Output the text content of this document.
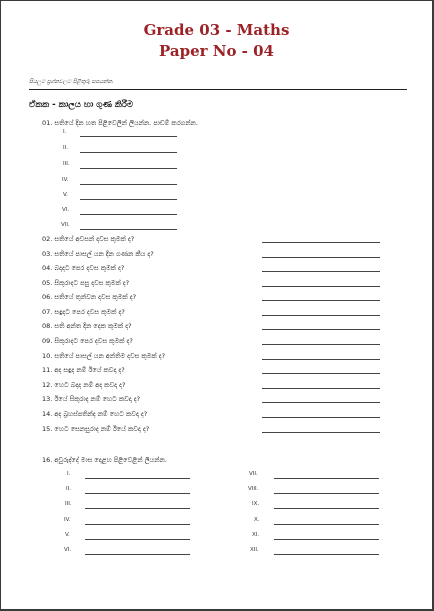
Grade 03 - Maths
Paper No - 04
සියලුම ප්‍රශ්නවලට පිළිතුරු සපයන්න.
ඒකක - කාලය හා ගුණ කිරීම
01. සතියේ දින හත පිළිවෙලින් ලියන්න. පාඩම් කරගන්න.
I.
II.
III.
IV.
V.
VI.
VII.
02. සතියේ අවසන් දවස කුමක් ද?
03. සතියේ පාසල් යන දින ගණන කීය ද?
04. බදාදට පෙර දවස කුමක් ද?
05. සිකුරාදට පසු දවස කුමක් ද?
06. සතියේ තුන්වන දවස කුමක් ද?
07. සඳුදට පෙර දවස කුමක් ද?
08. සති අන්ත දින දෙක කුමක් ද?
09. සිකුරාදට පෙර දවස කුමක් ද?
10. සතියේ පාසල් යන අන්තිම දවස කුමක් ද?
11. අද සඳුද නම් ඊයේ කවදා ද?
12. හෙට බදාද නම් අද කවදා ද?
13. ඊයේ සිකුරාද නම් හෙට කවදා ද?
14. අද බ්‍රහස්පතින්ද නම් හෙට කවදා ද?
15. හෙට සෙනසුරාද නම් ඊයේ කවදා ද?
16. අවුරුද්දේ මාස දොළහ පිළිවෙළින් ලියන්න.
I.
II.
III.
IV.
V.
VI.
VII.
VIII.
IX.
X.
XI.
XII.
